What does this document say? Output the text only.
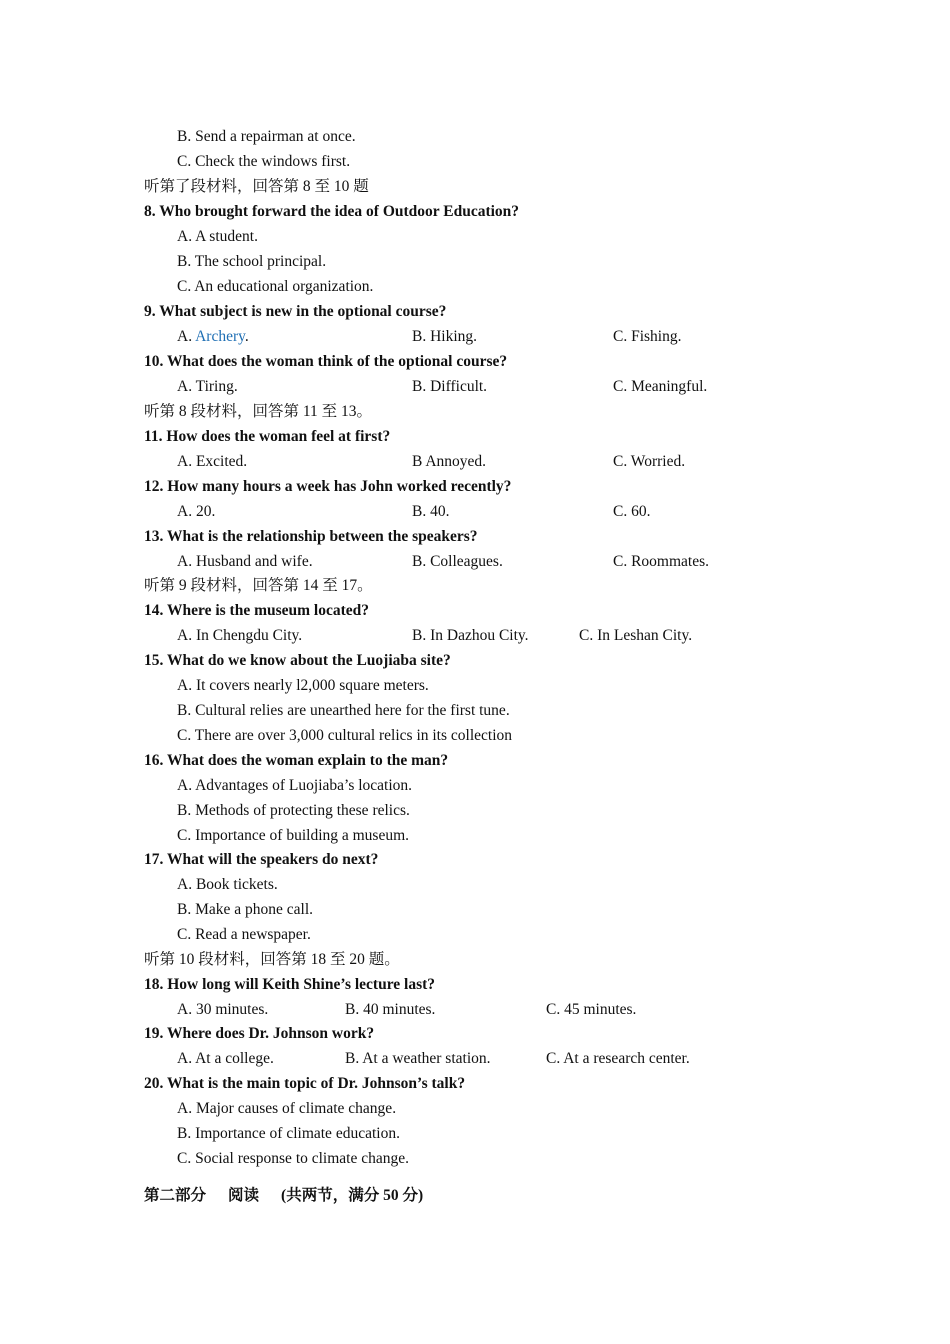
B. Send a repairman at once.
C. Check the windows first.
听第了段材料，回答第 8 至 10 题
8. Who brought forward the idea of Outdoor Education?
A. A student.
B. The school principal.
C. An educational organization.
9. What subject is new in the optional course?
A. Archery.	B. Hiking.	C. Fishing.
10. What does the woman think of the optional course?
A. Tiring.	B. Difficult.	C. Meaningful.
听第 8 段材料，回答第 11 至 13。
11. How does the woman feel at first?
A. Excited.	B Annoyed.	C. Worried.
12. How many hours a week has John worked recently?
A. 20.	B. 40.	C. 60.
13. What is the relationship between the speakers?
A. Husband and wife.	B. Colleagues.	C. Roommates.
听第 9 段材料，回答第 14 至 17。
14. Where is the museum located?
A. In Chengdu City.	B. In Dazhou City.	C. In Leshan City.
15. What do we know about the Luojiaba site?
A. It covers nearly l2,000 square meters.
B. Cultural relies are unearthed here for the first tune.
C. There are over 3,000 cultural relics in its collection
16. What does the woman explain to the man?
A. Advantages of Luojiaba’s location.
B. Methods of protecting these relics.
C. Importance of building a museum.
17. What will the speakers do next?
A. Book tickets.
B. Make a phone call.
C. Read a newspaper.
听第 10 段材料，回答第 18 至 20 题。
18. How long will Keith Shine’s lecture last?
A. 30 minutes.	B. 40 minutes.	C. 45 minutes.
19. Where does Dr. Johnson work?
A. At a college.	B. At a weather station.	C. At a research center.
20. What is the main topic of Dr. Johnson’s talk?
A. Major causes of climate change.
B. Importance of climate education.
C. Social response to climate change.
第二部分 阅读 (共两节，满分 50 分)
